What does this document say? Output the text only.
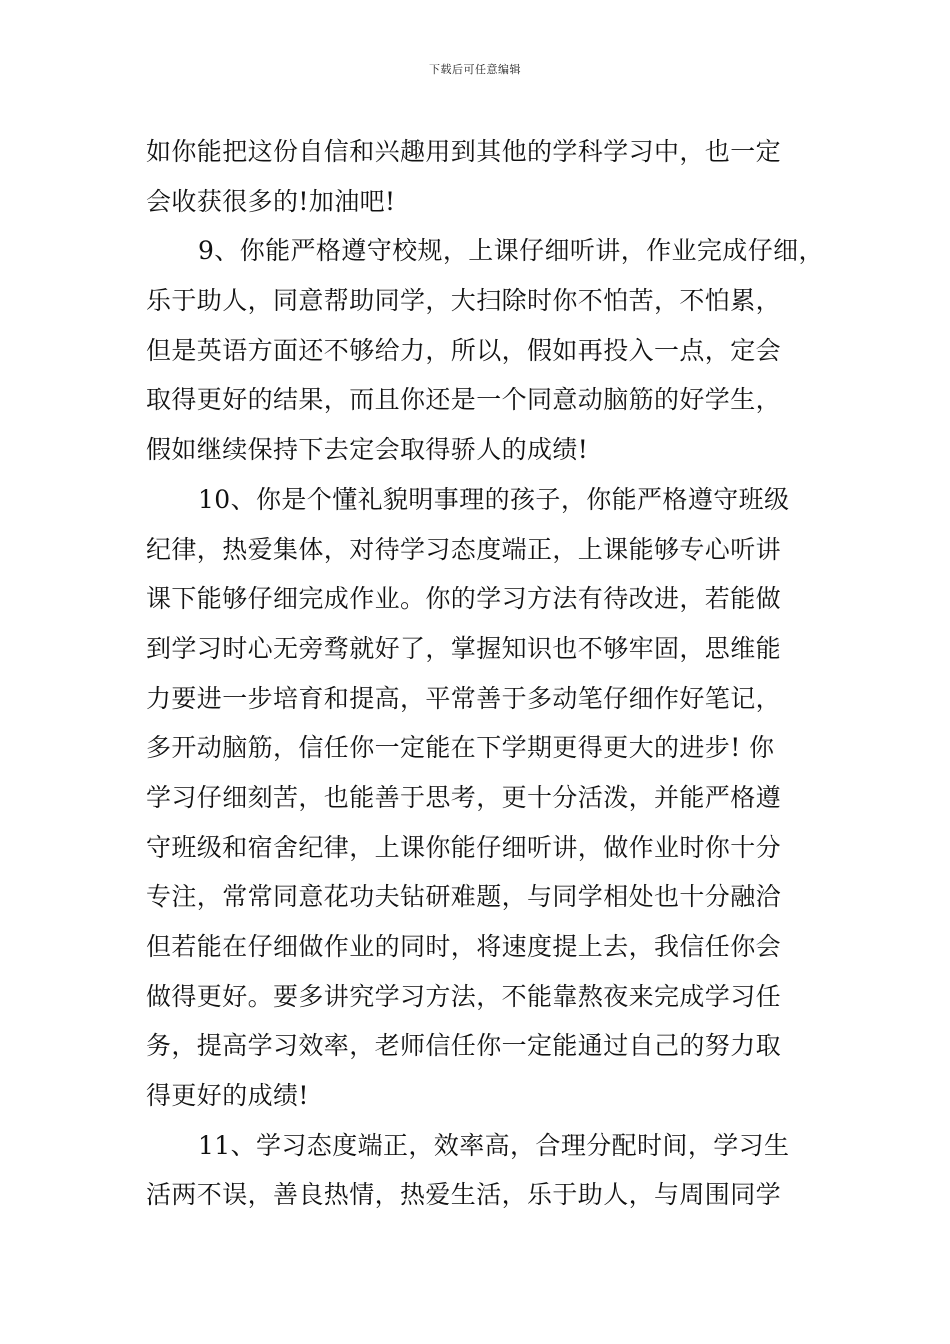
下载后可任意编辑
如你能把这份自信和兴趣用到其他的学科学习中，也一定
会收获很多的!加油吧!
9、你能严格遵守校规，上课仔细听讲，作业完成仔细，
乐于助人，同意帮助同学，大扫除时你不怕苦，不怕累，
但是英语方面还不够给力，所以，假如再投入一点，定会
取得更好的结果，而且你还是一个同意动脑筋的好学生，
假如继续保持下去定会取得骄人的成绩!
10、你是个懂礼貌明事理的孩子，你能严格遵守班级
纪律，热爱集体，对待学习态度端正，上课能够专心听讲
课下能够仔细完成作业。你的学习方法有待改进，若能做
到学习时心无旁骛就好了，掌握知识也不够牢固，思维能
力要进一步培育和提高，平常善于多动笔仔细作好笔记，
多开动脑筋，信任你一定能在下学期更得更大的进步! 你
学习仔细刻苦，也能善于思考，更十分活泼，并能严格遵
守班级和宿舍纪律，上课你能仔细听讲，做作业时你十分
专注，常常同意花功夫钻研难题，与同学相处也十分融洽
但若能在仔细做作业的同时，将速度提上去，我信任你会
做得更好。要多讲究学习方法，不能靠熬夜来完成学习任
务，提高学习效率，老师信任你一定能通过自己的努力取
得更好的成绩!
11、学习态度端正，效率高，合理分配时间，学习生
活两不误，善良热情，热爱生活，乐于助人，与周围同学
